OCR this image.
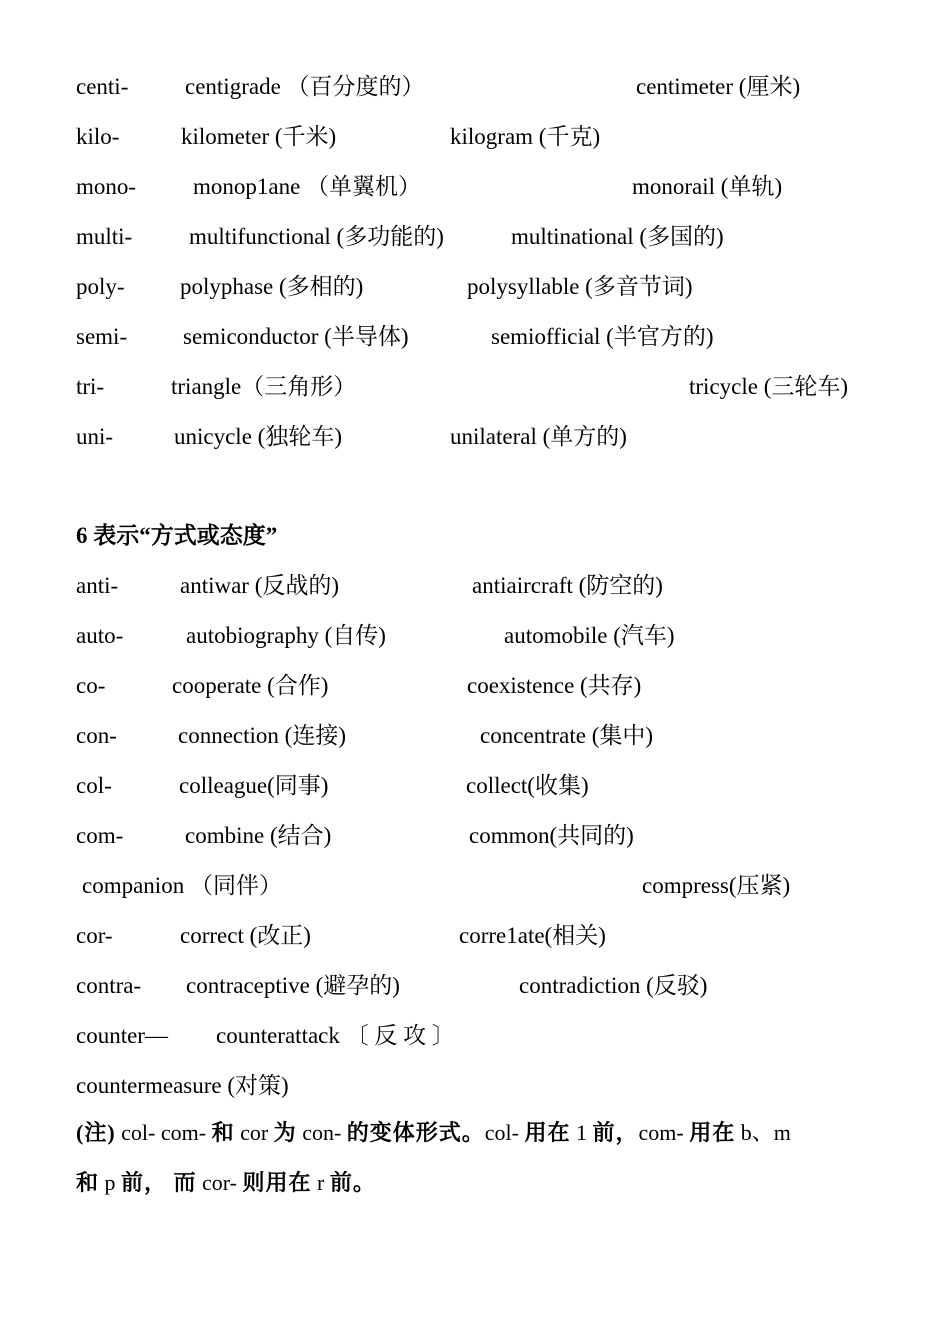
centi- centigrade （百分度的）	centimeter (厘米)
kilo-	kilometer (千米)	kilogram (千克)
mono- monop1ane （单翼机）	monorail (单轨)
multi- multifunctional (多功能的)	multinational (多国的)
poly- polyphase (多相的)	polysyllable (多音节词)
semi- semiconductor (半导体)	semiofficial (半官方的)
tri-	triangle（三角形）	tricycle (三轮车)
uni-	unicycle (独轮车)	unilateral (单方的)
6 表示“方式或态度”
anti-	antiwar (反战的)	antiaircraft (防空的)
auto-	autobiography (自传)	automobile (汽车)
co-	cooperate (合作)	coexistence (共存)
con-	connection (连接)	concentrate (集中)
col-	colleague(同事)	collect(收集)
com-	combine (结合)	common(共同的)
companion （同伴）	compress(压紧)
cor-	correct (改正)	corre1ate(相关)
contra- contraceptive (避孕的)	contradiction (反驳)
counter— counterattack 〔 反 攻 〕
countermeasure (对策)
(注) col- com- 和 cor 为 con- 的变体形式。col- 用在 1 前，com- 用在 b、m
和 p 前， 而 cor- 则用在 r 前。
